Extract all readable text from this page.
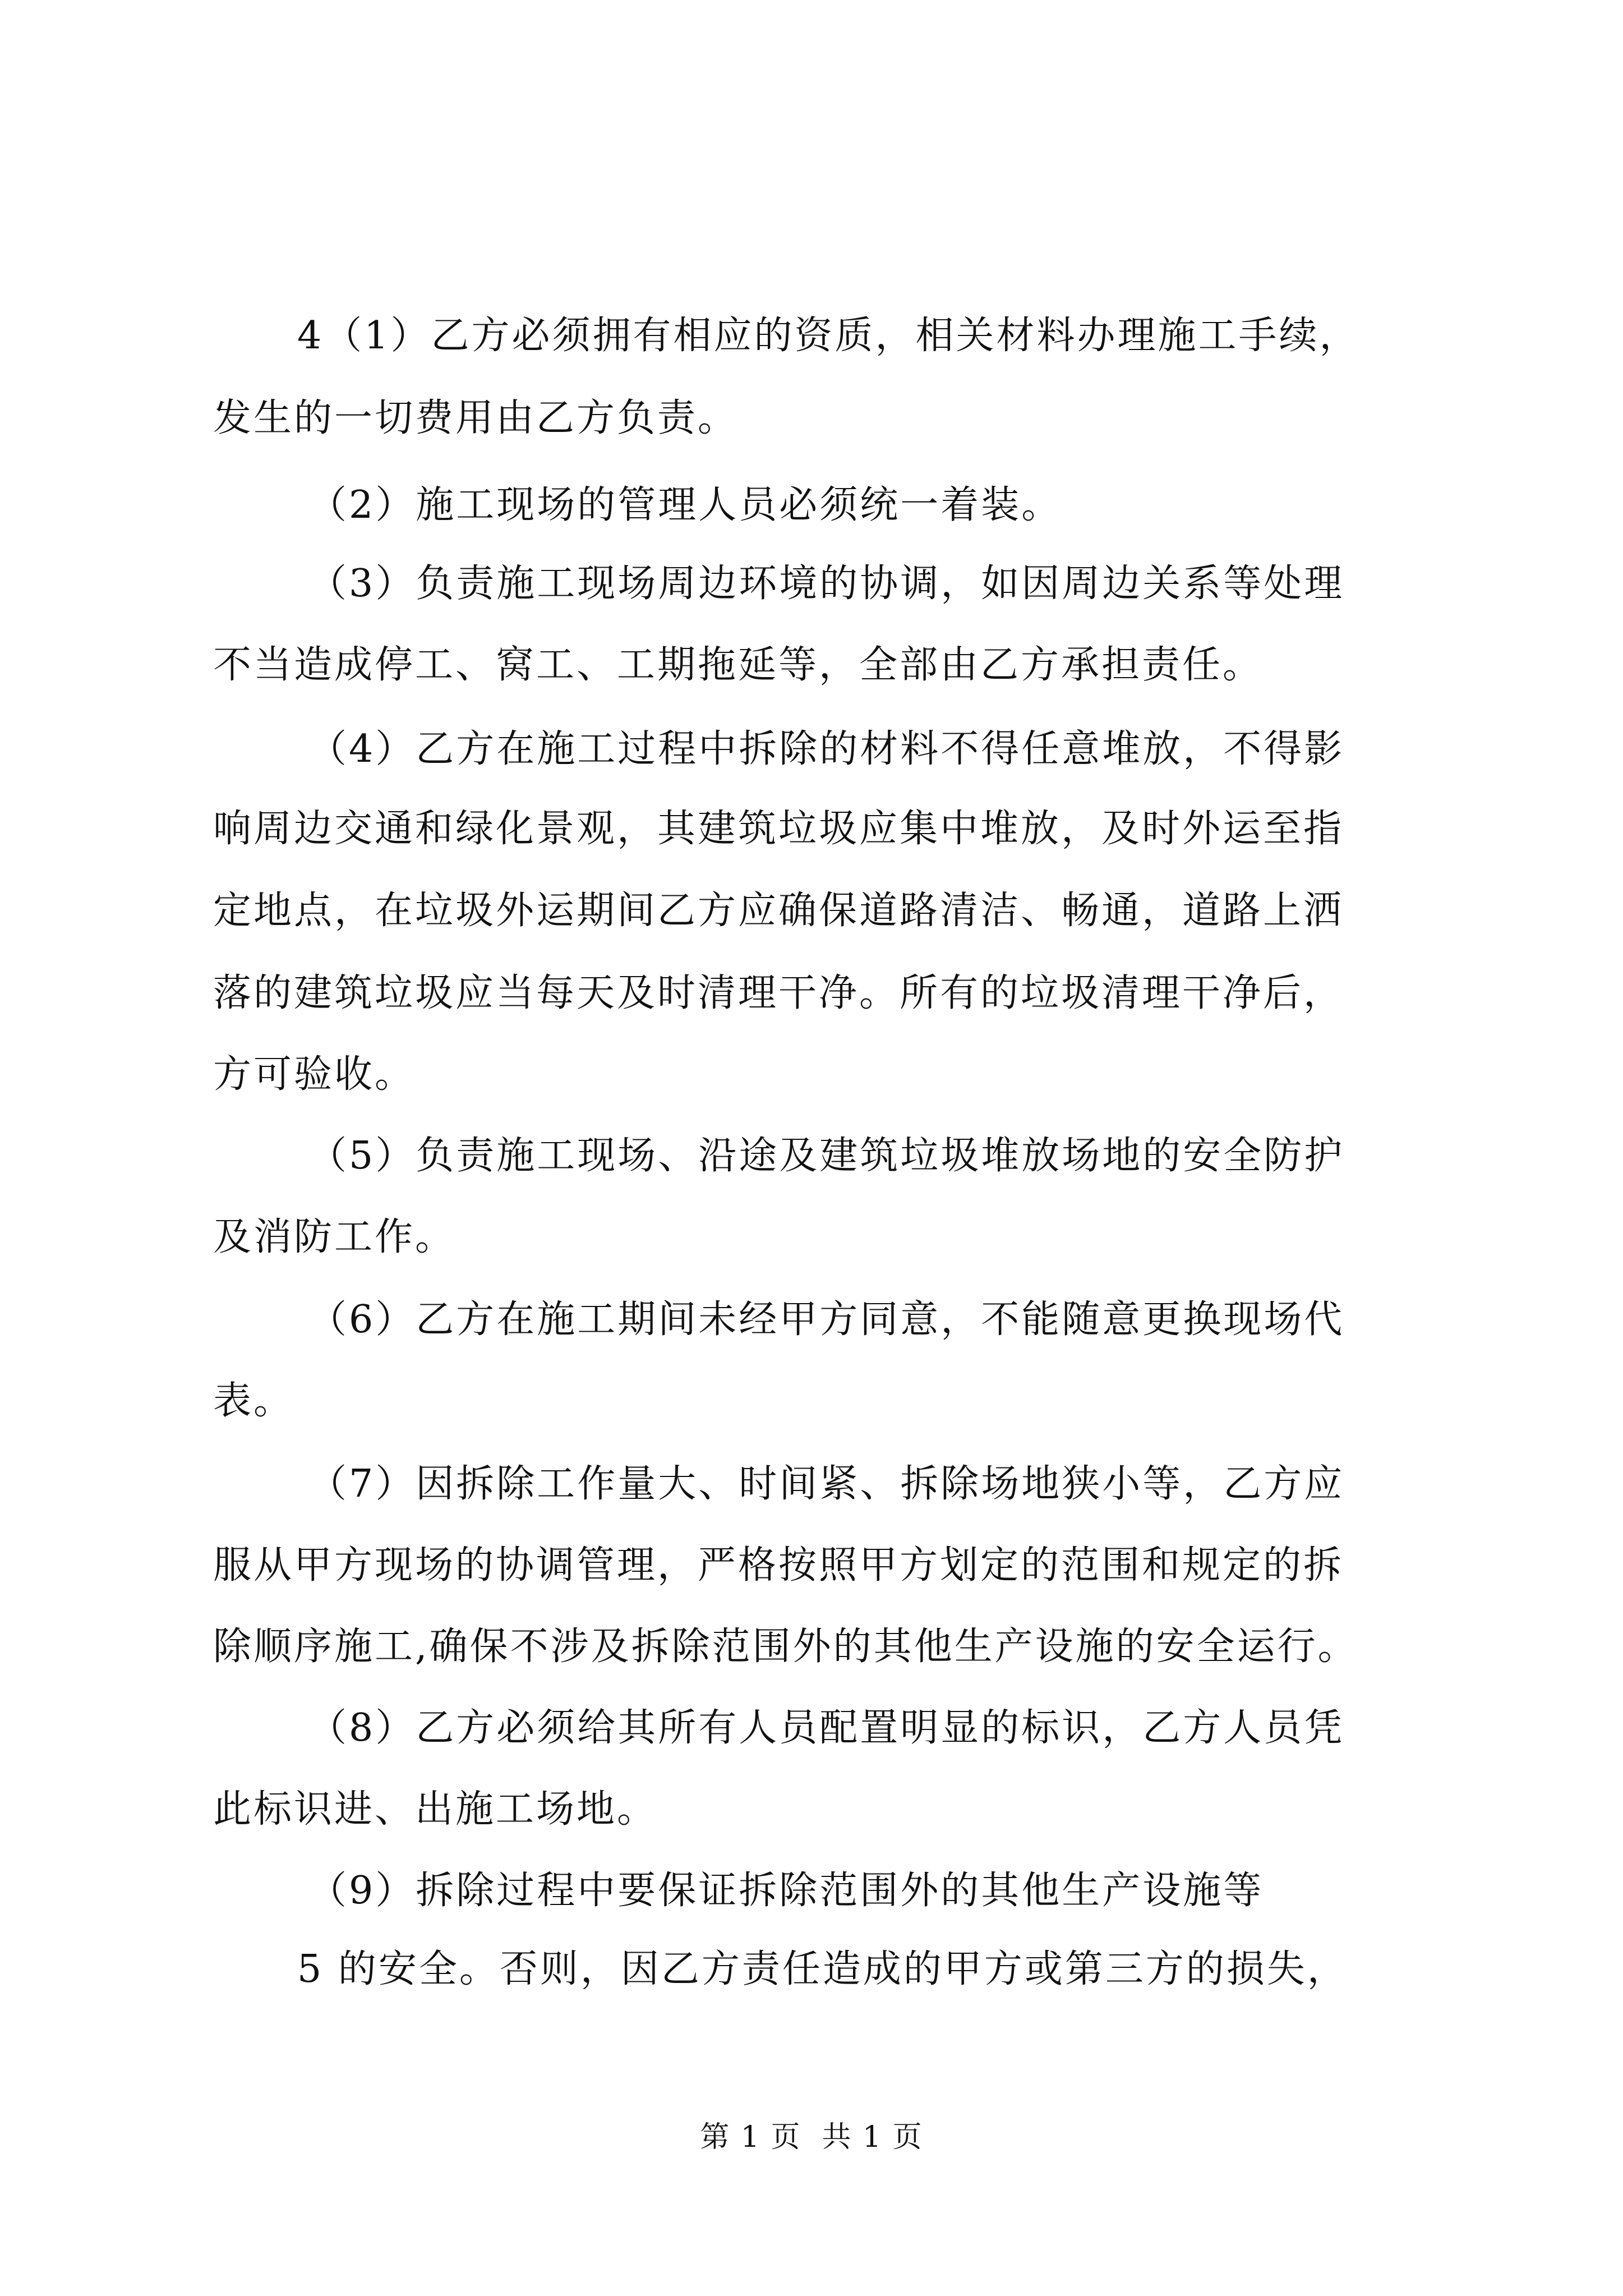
4（1）乙方必须拥有相应的资质，相关材料办理施工手续，
发生的一切费用由乙方负责。
（2）施工现场的管理人员必须统一着装。
（3）负责施工现场周边环境的协调，如因周边关系等处理
不当造成停工、窝工、工期拖延等，全部由乙方承担责任。
（4）乙方在施工过程中拆除的材料不得任意堆放，不得影
响周边交通和绿化景观，其建筑垃圾应集中堆放，及时外运至指
定地点，在垃圾外运期间乙方应确保道路清洁、畅通，道路上洒
落的建筑垃圾应当每天及时清理干净。所有的垃圾清理干净后，
方可验收。
（5）负责施工现场、沿途及建筑垃圾堆放场地的安全防护
及消防工作。
（6）乙方在施工期间未经甲方同意，不能随意更换现场代
表。
（7）因拆除工作量大、时间紧、拆除场地狭小等，乙方应
服从甲方现场的协调管理，严格按照甲方划定的范围和规定的拆
除顺序施工,确保不涉及拆除范围外的其他生产设施的安全运行。
（8）乙方必须给其所有人员配置明显的标识，乙方人员凭
此标识进、出施工场地。
（9）拆除过程中要保证拆除范围外的其他生产设施等
5 的安全。否则，因乙方责任造成的甲方或第三方的损失，
第 1 页  共 1 页
